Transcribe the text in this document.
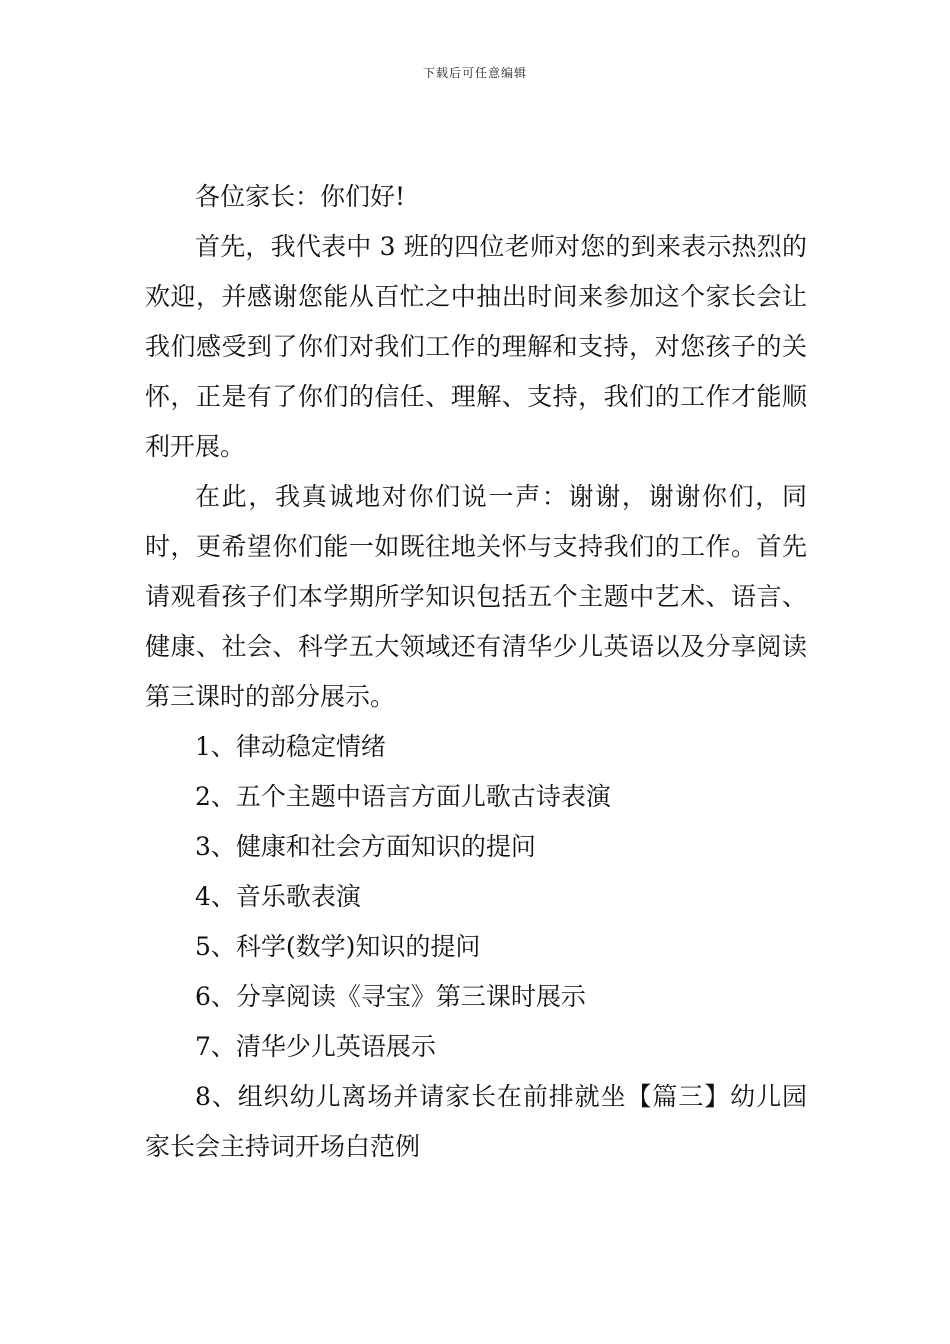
下载后可任意编辑

各位家长：你们好!

首先，我代表中 3 班的四位老师对您的到来表示热烈的欢迎，并感谢您能从百忙之中抽出时间来参加这个家长会让我们感受到了你们对我们工作的理解和支持，对您孩子的关怀，正是有了你们的信任、理解、支持，我们的工作才能顺利开展。

在此，我真诚地对你们说一声：谢谢，谢谢你们，同时，更希望你们能一如既往地关怀与支持我们的工作。首先请观看孩子们本学期所学知识包括五个主题中艺术、语言、健康、社会、科学五大领域还有清华少儿英语以及分享阅读第三课时的部分展示。

1、律动稳定情绪
2、五个主题中语言方面儿歌古诗表演
3、健康和社会方面知识的提问
4、音乐歌表演
5、科学(数学)知识的提问
6、分享阅读《寻宝》第三课时展示
7、清华少儿英语展示
8、组织幼儿离场并请家长在前排就坐【篇三】幼儿园家长会主持词开场白范例
